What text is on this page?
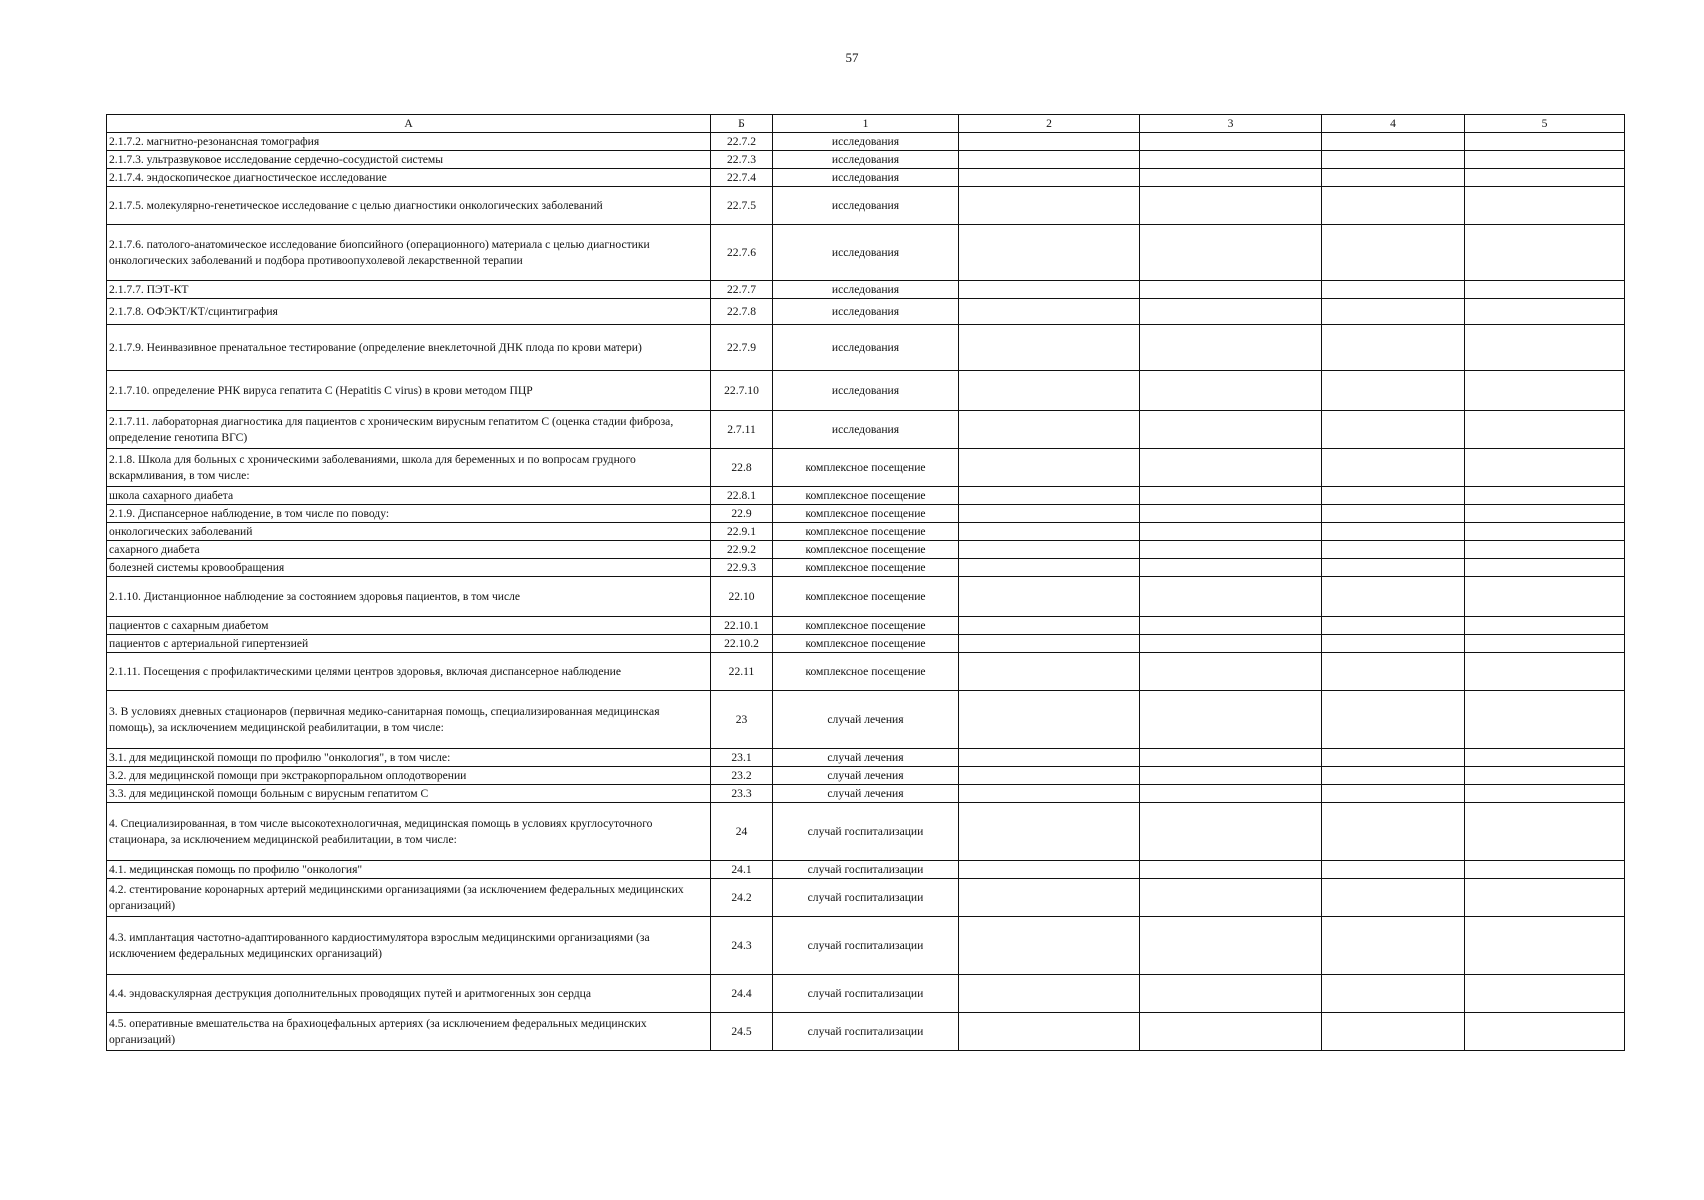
57
А	Б	1	2	3	4	5
2.1.7.2. магнитно-резонансная томография	22.7.2	исследования				
2.1.7.3. ультразвуковое исследование сердечно-сосудистой системы	22.7.3	исследования				
2.1.7.4. эндоскопическое диагностическое исследование	22.7.4	исследования				
2.1.7.5. молекулярно-генетическое исследование с целью диагностики онкологических заболеваний	22.7.5	исследования				
2.1.7.6. патолого-анатомическое исследование биопсийного (операционного) материала с целью диагностики онкологических заболеваний и подбора противоопухолевой лекарственной терапии	22.7.6	исследования				
2.1.7.7. ПЭТ-КТ	22.7.7	исследования				
2.1.7.8. ОФЭКТ/КТ/сцинтиграфия	22.7.8	исследования				
2.1.7.9. Неинвазивное пренатальное тестирование (определение внеклеточной ДНК плода по крови матери)	22.7.9	исследования				
2.1.7.10. определение РНК вируса гепатита С (Hepatitis C virus) в крови методом ПЦР	22.7.10	исследования				
2.1.7.11. лабораторная диагностика для пациентов с хроническим вирусным гепатитом С (оценка стадии фиброза, определение генотипа ВГС)	2.7.11	исследования				
2.1.8. Школа для больных с хроническими заболеваниями, школа для беременных и по вопросам грудного вскармливания, в том числе:	22.8	комплексное посещение				
школа сахарного диабета	22.8.1	комплексное посещение				
2.1.9. Диспансерное наблюдение, в том числе по поводу:	22.9	комплексное посещение				
онкологических заболеваний	22.9.1	комплексное посещение				
сахарного диабета	22.9.2	комплексное посещение				
болезней системы кровообращения	22.9.3	комплексное посещение				
2.1.10. Дистанционное наблюдение за состоянием здоровья пациентов, в том числе	22.10	комплексное посещение				
пациентов с сахарным диабетом	22.10.1	комплексное посещение				
пациентов с артериальной гипертензией	22.10.2	комплексное посещение				
2.1.11. Посещения с профилактическими целями центров здоровья, включая диспансерное наблюдение	22.11	комплексное посещение				
3. В условиях дневных стационаров (первичная медико-санитарная помощь, специализированная медицинская помощь), за исключением медицинской реабилитации, в том числе:	23	случай лечения				
3.1. для медицинской помощи по профилю "онкология", в том числе:	23.1	случай лечения				
3.2. для медицинской помощи при экстракорпоральном оплодотворении	23.2	случай лечения				
3.3. для медицинской помощи больным с вирусным гепатитом С	23.3	случай лечения				
4. Специализированная, в том числе высокотехнологичная, медицинская помощь в условиях круглосуточного стационара, за исключением медицинской реабилитации, в том числе:	24	случай госпитализации				
4.1. медицинская помощь по профилю "онкология"	24.1	случай госпитализации				
4.2. стентирование коронарных артерий медицинскими организациями (за исключением федеральных медицинских организаций)	24.2	случай госпитализации				
4.3. имплантация частотно-адаптированного кардиостимулятора взрослым медицинскими организациями (за исключением федеральных медицинских организаций)	24.3	случай госпитализации				
4.4. эндоваскулярная деструкция дополнительных проводящих путей и аритмогенных зон сердца	24.4	случай госпитализации				
4.5. оперативные вмешательства на брахиоцефальных артериях (за исключением федеральных медицинских организаций)	24.5	случай госпитализации				
